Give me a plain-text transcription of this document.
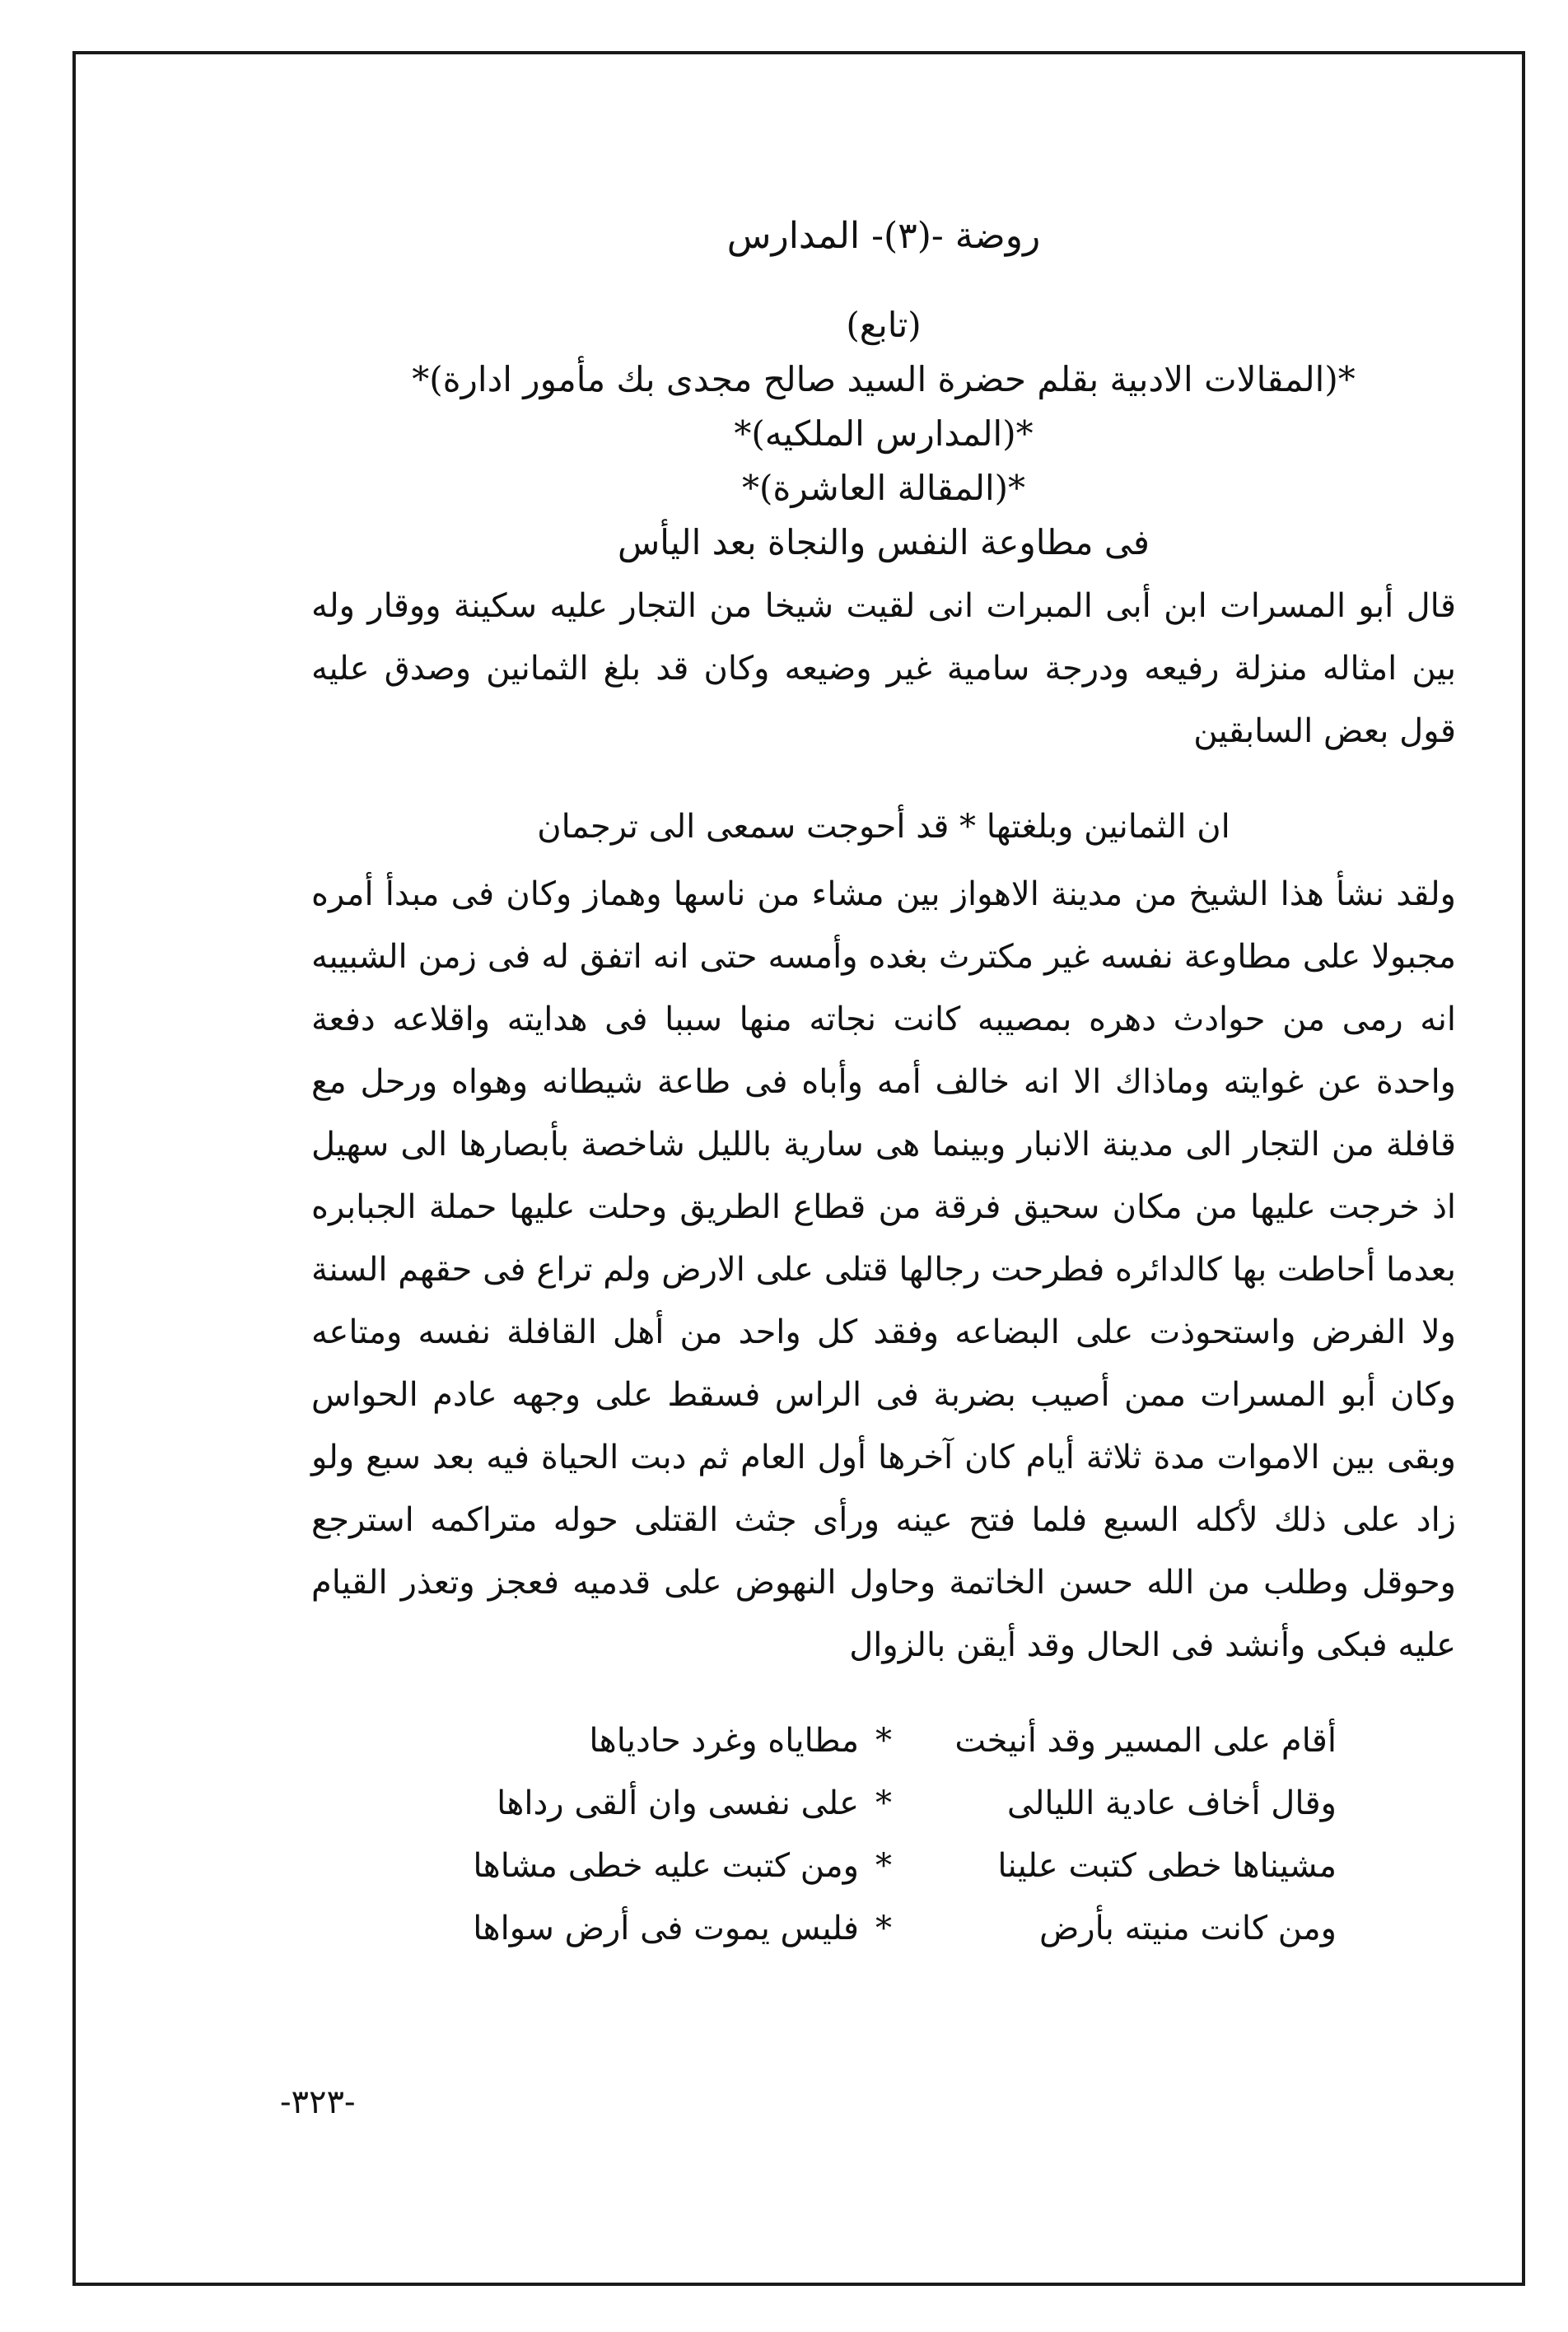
روضة -(٣)- المدارس
(تابع)
*(المقالات الادبية بقلم حضرة السيد صالح مجدى بك مأمور ادارة)*
*(المدارس الملكيه)*
*(المقالة العاشرة)*
فى مطاوعة النفس والنجاة بعد اليأس

قال أبو المسرات ابن أبى المبرات انى لقيت شيخا من التجار عليه سكينة ووقار وله بين امثاله منزلة رفيعه ودرجة سامية غير وضيعه وكان قد بلغ الثمانين وصدق عليه قول بعض السابقين

ان الثمانين وبلغتها * قد أحوجت سمعى الى ترجمان

ولقد نشأ هذا الشيخ من مدينة الاهواز بين مشاء من ناسها وهماز وكان فى مبدأ أمره مجبولا على مطاوعة نفسه غير مكترث بغده وأمسه حتى انه اتفق له فى زمن الشبيبه انه رمى من حوادث دهره بمصيبه كانت نجاته منها سببا فى هدايته واقلاعه دفعة واحدة عن غوايته وماذاك الا انه خالف أمه وأباه فى طاعة شيطانه وهواه ورحل مع قافلة من التجار الى مدينة الانبار وبينما هى سارية بالليل شاخصة بأبصارها الى سهيل اذ خرجت عليها من مكان سحيق فرقة من قطاع الطريق وحلت عليها حملة الجبابره بعدما أحاطت بها كالدائره فطرحت رجالها قتلى على الارض ولم تراع فى حقهم السنة ولا الفرض واستحوذت على البضاعه وفقد كل واحد من أهل القافلة نفسه ومتاعه وكان أبو المسرات ممن أصيب بضربة فى الراس فسقط على وجهه عادم الحواس وبقى بين الاموات مدة ثلاثة أيام كان آخرها أول العام ثم دبت الحياة فيه بعد سبع ولو زاد على ذلك لأكله السبع فلما فتح عينه ورأى جثث القتلى حوله متراكمه استرجع وحوقل وطلب من الله حسن الخاتمة وحاول النهوض على قدميه فعجز وتعذر القيام عليه فبكى وأنشد فى الحال وقد أيقن بالزوال

أقام على المسير وقد أنيخت
*
مطاياه وغرد حادياها
وقال أخاف عادية الليالى
*
على نفسى وان ألقى رداها
مشيناها خطى كتبت علينا
*
ومن كتبت عليه خطى مشاها
ومن كانت منيته بأرض
*
فليس يموت فى أرض سواها
-٣٢٣-
